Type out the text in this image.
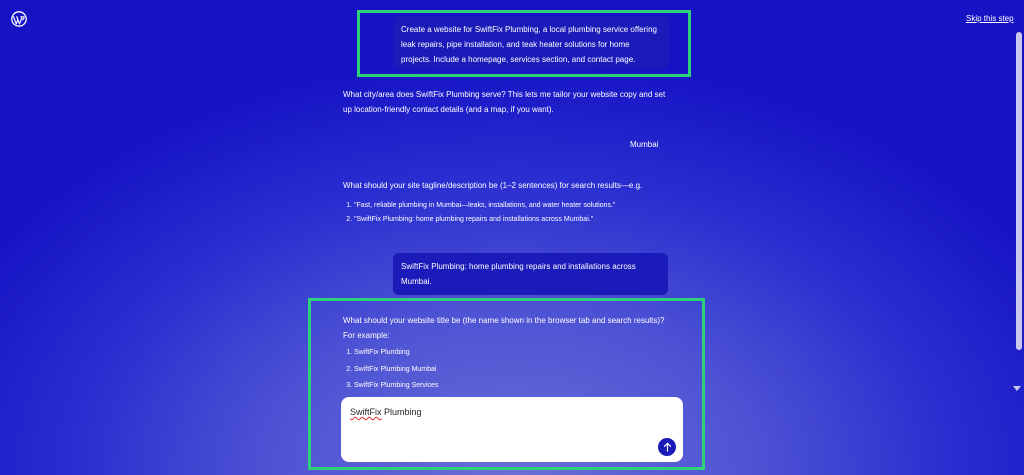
Skip this step
Create a website for SwiftFix Plumbing, a local plumbing service offering leak repairs, pipe installation, and teak heater solutions for home projects. Include a homepage, services section, and contact page.
What city/area does SwiftFix Plumbing serve? This lets me tailor your website copy and set up location-friendly contact details (and a map, if you want).
Mumbai
What should your site tagline/description be (1–2 sentences) for search results—e.g.
1. "Fast, reliable plumbing in Mumbai—leaks, installations, and water heater solutions."
2. "SwiftFix Plumbing: home plumbing repairs and installations across Mumbai."
SwiftFix Plumbing: home plumbing repairs and installations across Mumbai.
What should your website title be (the name shown in the browser tab and search results)? For example:
1. SwiftFix Plumbing
2. SwiftFix Plumbing Mumbai
3. SwiftFix Plumbing Services
SwiftFix Plumbing
